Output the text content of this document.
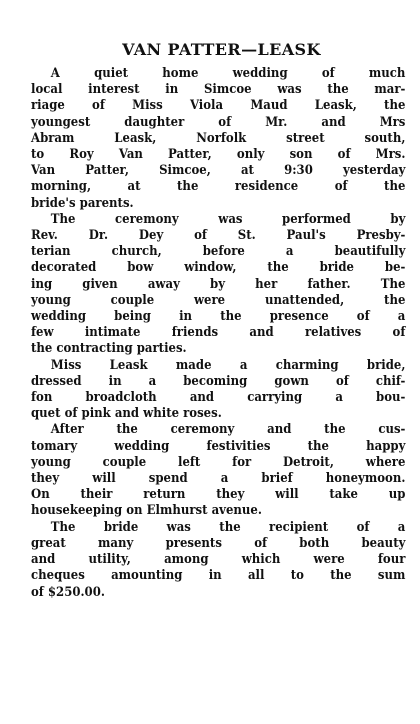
VAN PATTER—LEASK
A quiet home wedding of much
local interest in Simcoe was the mar-
riage of Miss Viola Maud Leask, the
youngest daughter of Mr. and Mrs
Abram Leask, Norfolk street south,
to Roy Van Patter, only son of Mrs.
Van Patter, Simcoe, at 9:30 yesterday
morning, at the residence of the
bride's parents.
The ceremony was performed by
Rev. Dr. Dey of St. Paul's Presby-
terian church, before a beautifully
decorated bow window, the bride be-
ing given away by her father. The
young couple were unattended, the
wedding being in the presence of a
few intimate friends and relatives of
the contracting parties.
Miss Leask made a charming bride,
dressed in a becoming gown of chif-
fon broadcloth and carrying a bou-
quet of pink and white roses.
After the ceremony and the cus-
tomary wedding festivities the happy
young couple left for Detroit, where
they will spend a brief honeymoon.
On their return they will take up
housekeeping on Elmhurst avenue.
The bride was the recipient of a
great many presents of both beauty
and utility, among which were four
cheques amounting in all to the sum
of $250.00.
